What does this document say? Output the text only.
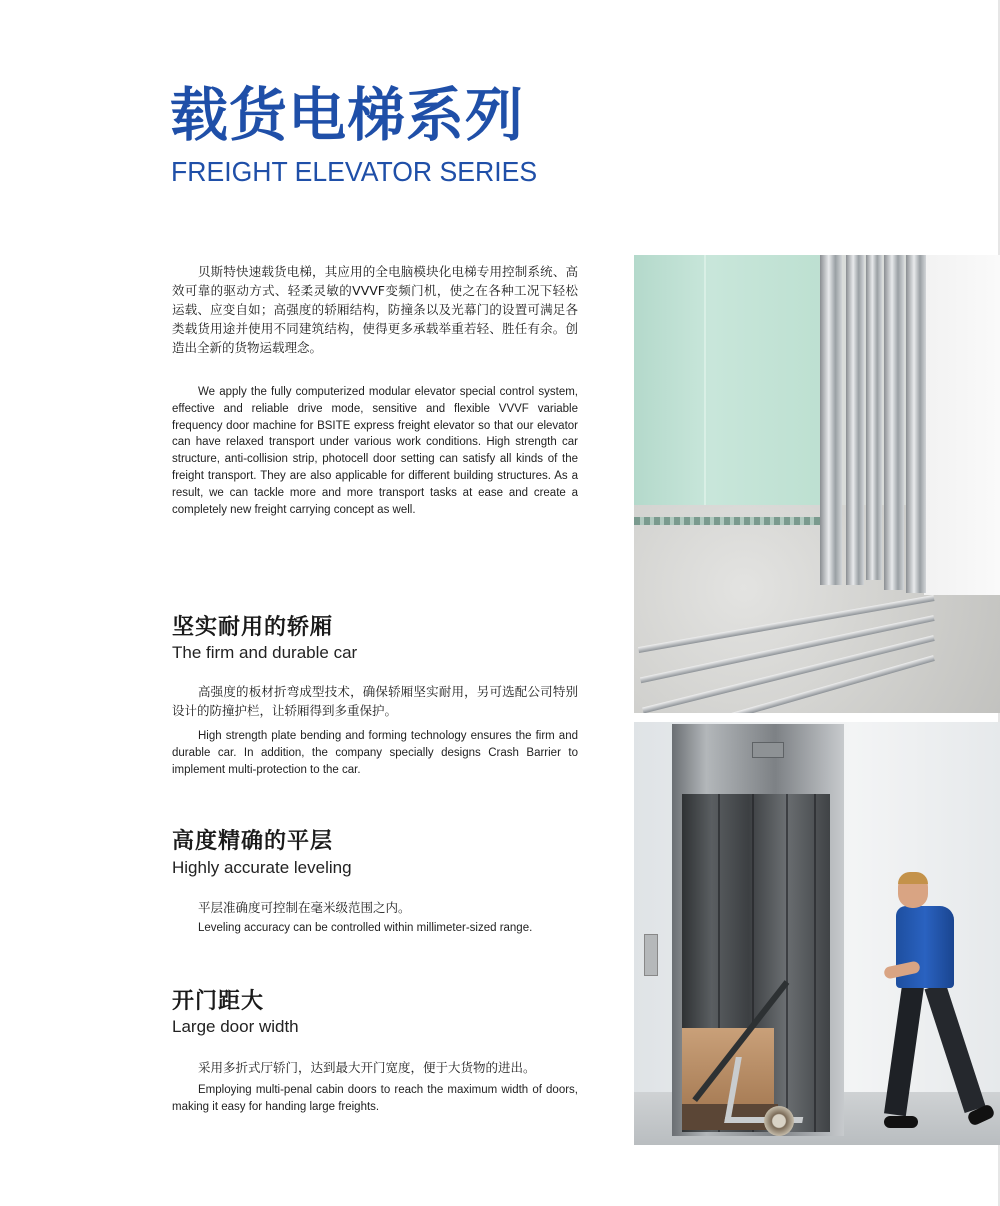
载货电梯系列
FREIGHT ELEVATOR SERIES
贝斯特快速载货电梯，其应用的全电脑模块化电梯专用控制系统、高效可靠的驱动方式、轻柔灵敏的VVVF变频门机，使之在各种工况下轻松运载、应变自如；高强度的轿厢结构，防撞条以及光幕门的设置可满足各类载货用途并使用不同建筑结构，使得更多承载举重若轻、胜任有余。创造出全新的货物运载理念。
We apply the fully computerized modular elevator special control system, effective and reliable drive mode, sensitive and flexible VVVF variable frequency door machine for BSITE express freight elevator so that our elevator can have relaxed transport under various work conditions. High strength car structure, anti-collision strip, photocell door setting can satisfy all kinds of the freight transport. They are also applicable for different building structures. As a result, we can tackle more and more transport tasks at ease and create a completely new freight carrying concept as well.
坚实耐用的轿厢
The firm and durable car
高强度的板材折弯成型技术，确保轿厢坚实耐用，另可选配公司特别设计的防撞护栏，让轿厢得到多重保护。
High strength plate bending and forming technology ensures the firm and durable car. In addition, the company specially designs Crash Barrier to implement multi-protection to the car.
高度精确的平层
Highly accurate leveling
平层准确度可控制在毫米级范围之内。
Leveling accuracy can be controlled within millimeter-sized range.
开门距大
Large door width
采用多折式厅轿门，达到最大开门宽度，便于大货物的进出。
Employing multi-penal cabin doors to reach the maximum width of doors, making it easy for handing large freights.
